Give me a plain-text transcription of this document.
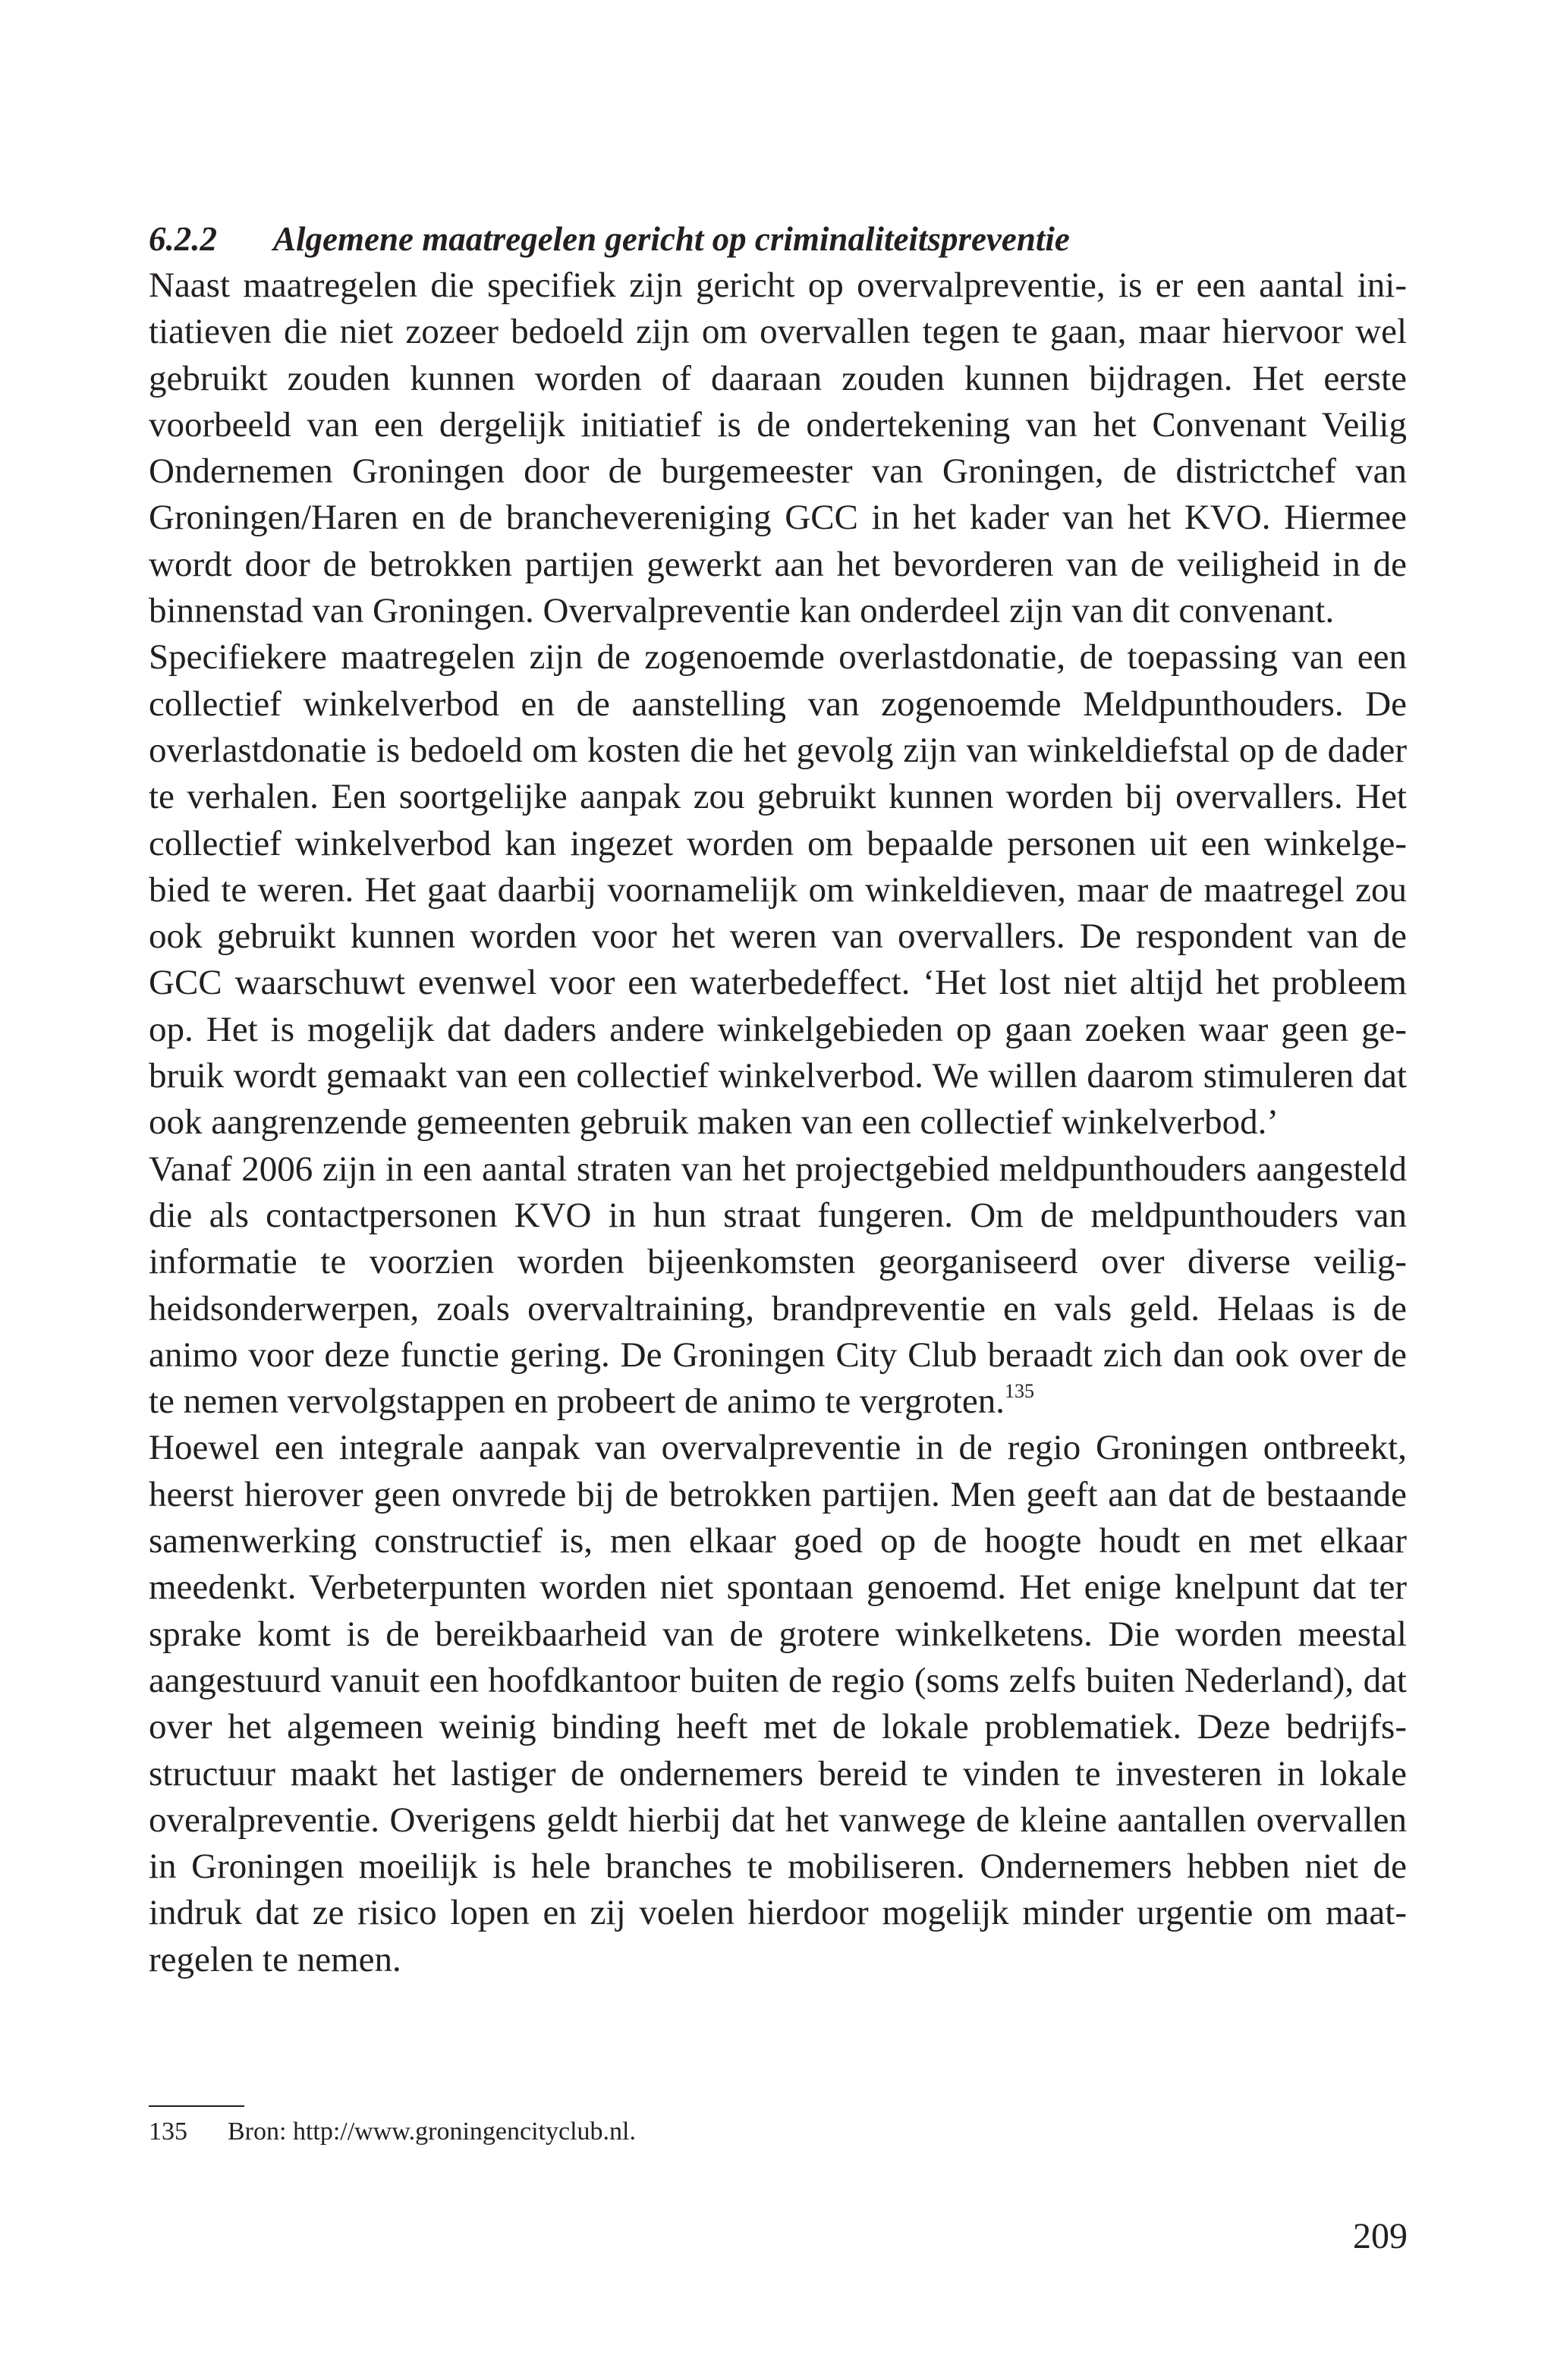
6.2.2 Algemene maatregelen gericht op criminaliteitspreventie

Naast maatregelen die specifiek zijn gericht op overvalpreventie, is er een aantal initiatieven die niet zozeer bedoeld zijn om overvallen tegen te gaan, maar hiervoor wel gebruikt zouden kunnen worden of daaraan zouden kunnen bijdragen. Het eerste voorbeeld van een dergelijk initiatief is de ondertekening van het Convenant Veilig Ondernemen Groningen door de burgemeester van Groningen, de districtchef van Groningen/Haren en de branchevereniging GCC in het kader van het KVO. Hiermee wordt door de betrokken partijen gewerkt aan het bevorderen van de veiligheid in de binnenstad van Groningen. Overvalpreventie kan onderdeel zijn van dit convenant.

Specifiekere maatregelen zijn de zogenoemde overlastdonatie, de toepassing van een collectief winkelverbod en de aanstelling van zogenoemde Meldpunthouders. De overlastdonatie is bedoeld om kosten die het gevolg zijn van winkeldiefstal op de dader te verhalen. Een soortgelijke aanpak zou gebruikt kunnen worden bij overvallers. Het collectief winkelverbod kan ingezet worden om bepaalde personen uit een winkelgebied te weren. Het gaat daarbij voornamelijk om winkeldieven, maar de maatregel zou ook gebruikt kunnen worden voor het weren van overvallers. De respondent van de GCC waarschuwt evenwel voor een waterbedeffect. ‘Het lost niet altijd het probleem op. Het is mogelijk dat daders andere winkelgebieden op gaan zoeken waar geen gebruik wordt gemaakt van een collectief winkelverbod. We willen daarom stimuleren dat ook aangrenzende gemeenten gebruik maken van een collectief winkelverbod.’

Vanaf 2006 zijn in een aantal straten van het projectgebied meldpunthouders aangesteld die als contactpersonen KVO in hun straat fungeren. Om de meldpunthouders van informatie te voorzien worden bijeenkomsten georganiseerd over diverse veiligheidsonderwerpen, zoals overvaltraining, brandpreventie en vals geld. Helaas is de animo voor deze functie gering. De Groningen City Club beraadt zich dan ook over de te nemen vervolgstappen en probeert de animo te vergroten.$^{135}$

Hoewel een integrale aanpak van overvalpreventie in de regio Groningen ontbreekt, heerst hierover geen onvrede bij de betrokken partijen. Men geeft aan dat de bestaande samenwerking constructief is, men elkaar goed op de hoogte houdt en met elkaar meedenkt. Verbeterpunten worden niet spontaan genoemd. Het enige knelpunt dat ter sprake komt is de bereikbaarheid van de grotere winkelketens. Die worden meestal aangestuurd vanuit een hoofdkantoor buiten de regio (soms zelfs buiten Nederland), dat over het algemeen weinig binding heeft met de lokale problematiek. Deze bedrijfsstructuur maakt het lastiger de ondernemers bereid te vinden te investeren in lokale overalpreventie. Overigens geldt hierbij dat het vanwege de kleine aantallen overvallen in Groningen moeilijk is hele branches te mobiliseren. Ondernemers hebben niet de indruk dat ze risico lopen en zij voelen hierdoor mogelijk minder urgentie om maatregelen te nemen.

135 Bron: http://www.groningencityclub.nl.
209
